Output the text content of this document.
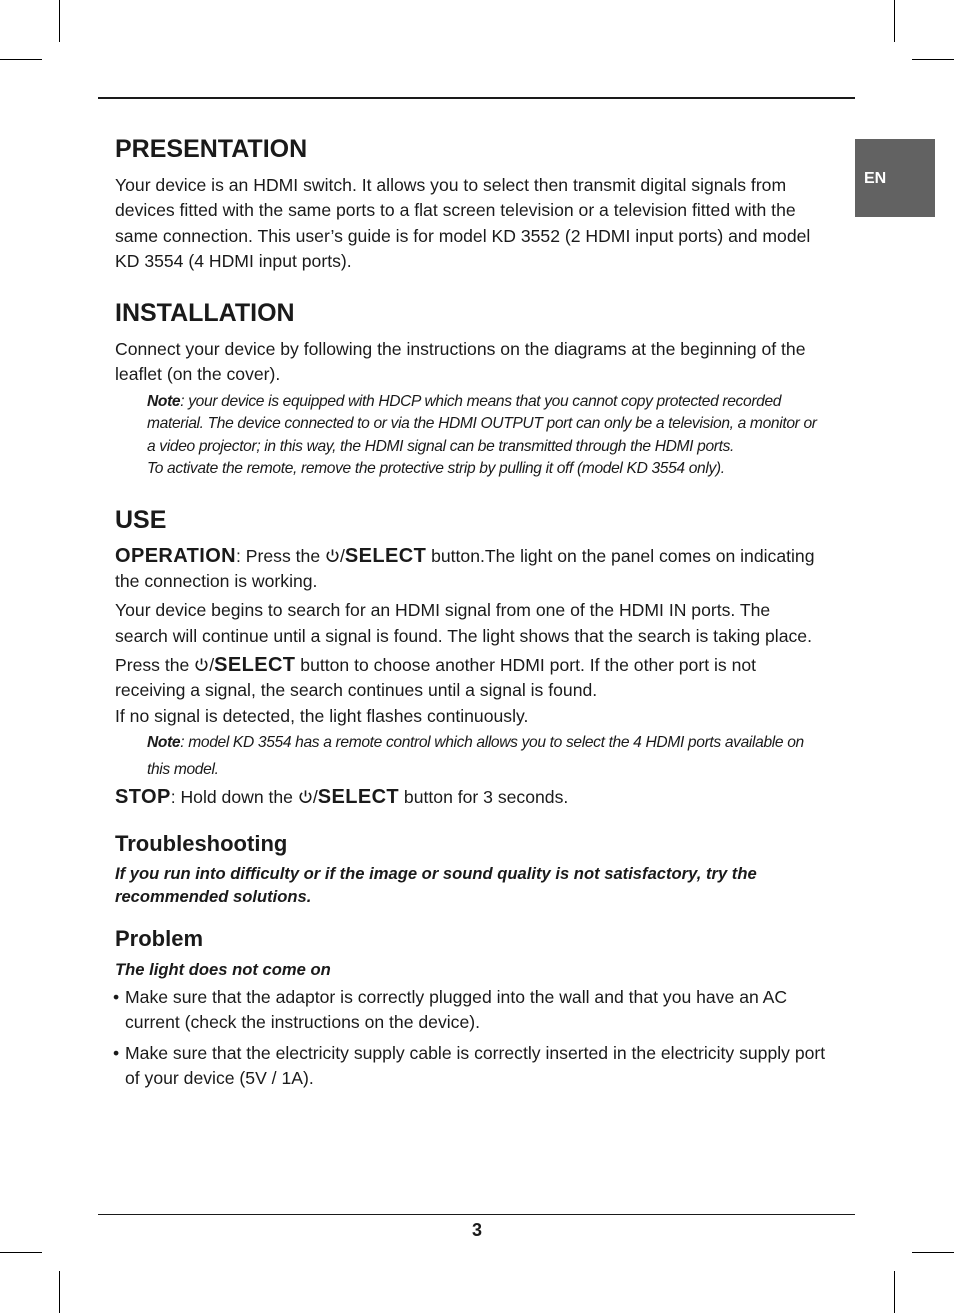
EN
PRESENTATION

Your device is an HDMI switch. It allows you to select then transmit digital signals from devices fitted with the same ports to a flat screen television or a television fitted with the same connection. This user’s guide is for model KD 3552 (2 HDMI input ports) and model KD 3554 (4 HDMI input ports).

INSTALLATION

Connect your device by following the instructions on the diagrams at the beginning of the leaflet (on the cover).

Note: your device is equipped with HDCP which means that you cannot copy protected recorded material. The device connected to or via the HDMI OUTPUT port can only be a television, a monitor or a video projector; in this way, the HDMI signal can be transmitted through the HDMI ports.
To activate the remote, remove the protective strip by pulling it off (model KD 3554 only).
USE

OPERATION: Press the /SELECT button.The light on the panel comes on indicating the connection is working.

Your device begins to search for an HDMI signal from one of the HDMI IN ports. The search will continue until a signal is found. The light shows that the search is taking place.

Press the /SELECT button to choose another HDMI port. If the other port is not receiving a signal, the search continues until a signal is found.
If no signal is detected, the light flashes continuously.

Note: model KD 3554 has a remote control which allows you to select the 4 HDMI ports available on this model.

STOP: Hold down the /SELECT button for 3 seconds.

Troubleshooting

If you run into difficulty or if the image or sound quality is not satisfactory, try the recommended solutions.

Problem

The light does not come on

• Make sure that the adaptor is correctly plugged into the wall and that you have an AC current (check the instructions on the device).
• Make sure that the electricity supply cable is correctly inserted in the electricity supply port of your device (5V / 1A).
3
